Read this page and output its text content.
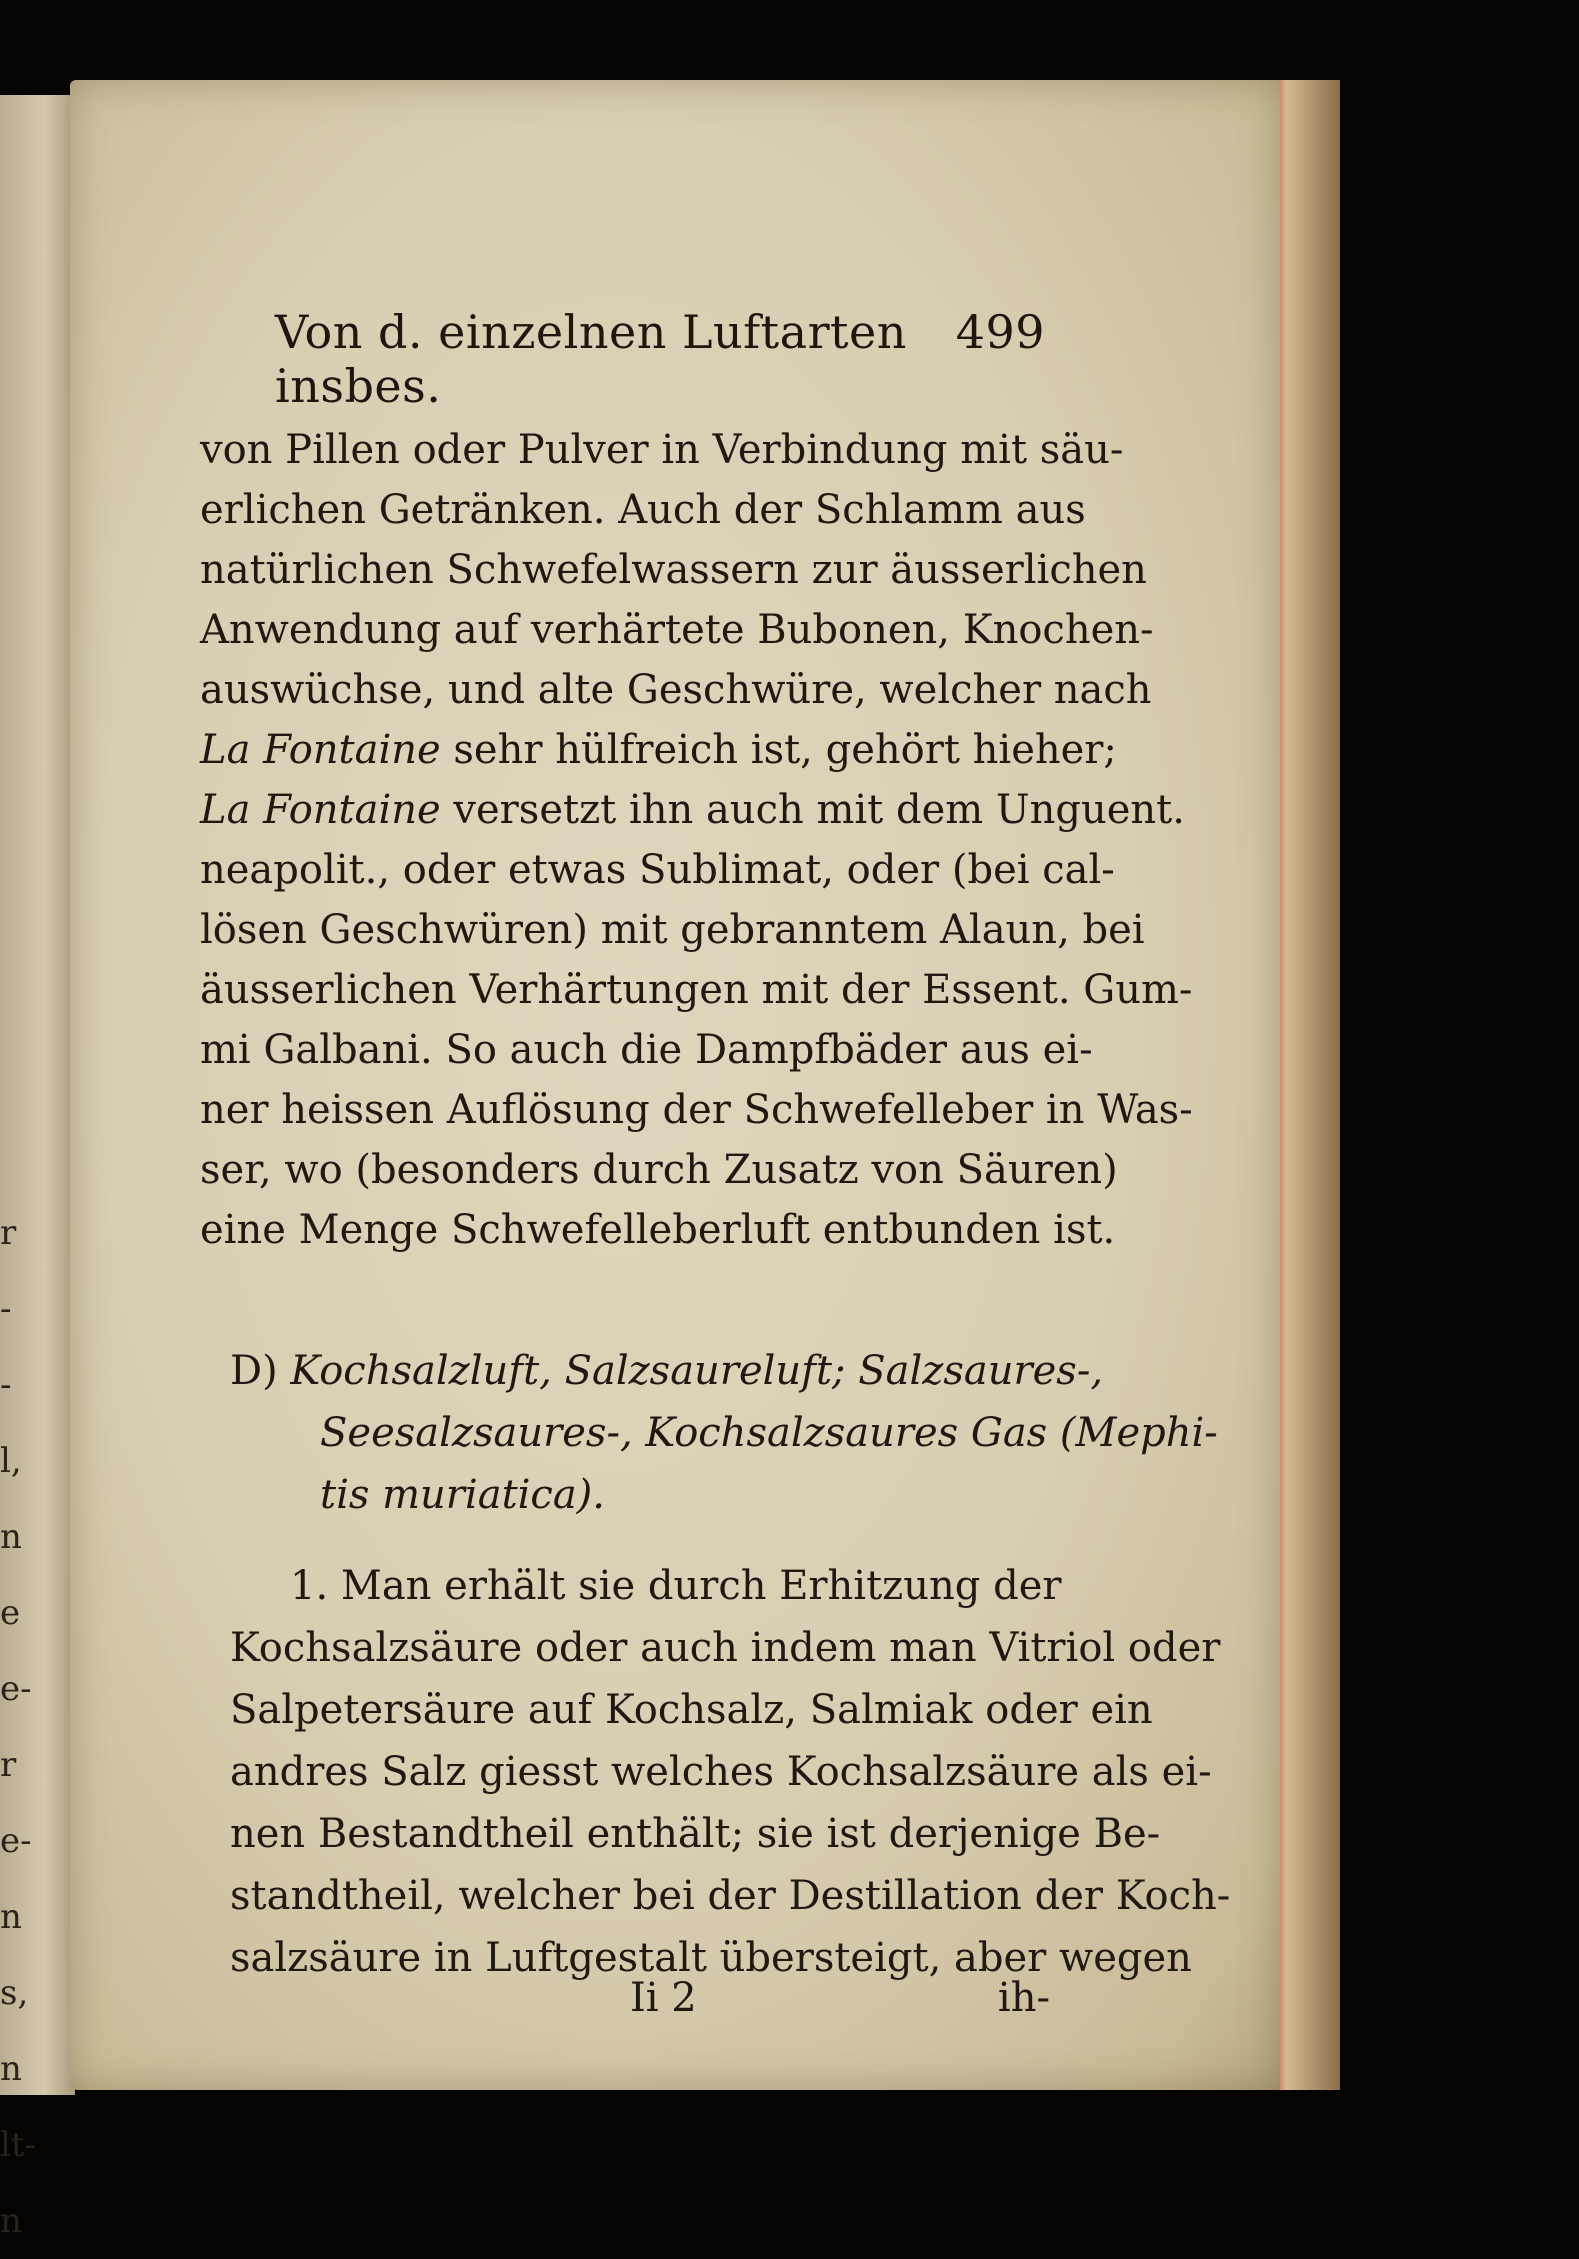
r
-
-
l,
n
e
e-
r
e-
n
s,
n
lt-
n
Von d. einzelnen Luftarten insbes.
499
von Pillen oder Pulver in Verbindung mit säu-
erlichen Getränken. Auch der Schlamm aus
natürlichen Schwefelwassern zur äusserlichen
Anwendung auf verhärtete Bubonen, Knochen-
auswüchse, und alte Geschwüre, welcher nach
La Fontaine sehr hülfreich ist, gehört hieher;
La Fontaine versetzt ihn auch mit dem Unguent.
neapolit., oder etwas Sublimat, oder (bei cal-
lösen Geschwüren) mit gebranntem Alaun, bei
äusserlichen Verhärtungen mit der Essent. Gum-
mi Galbani. So auch die Dampfbäder aus ei-
ner heissen Auflösung der Schwefelleber in Was-
ser, wo (besonders durch Zusatz von Säuren)
eine Menge Schwefelleberluft entbunden ist.
D) Kochsalzluft, Salzsaureluft; Salzsaures-,
Seesalzsaures-, Kochsalzsaures Gas (Mephi-
tis muriatica).
1. Man erhält sie durch Erhitzung der
Kochsalzsäure oder auch indem man Vitriol oder
Salpetersäure auf Kochsalz, Salmiak oder ein
andres Salz giesst welches Kochsalzsäure als ei-
nen Bestandtheil enthält; sie ist derjenige Be-
standtheil, welcher bei der Destillation der Koch-
salzsäure in Luftgestalt übersteigt, aber wegen
Ii 2	ih-
